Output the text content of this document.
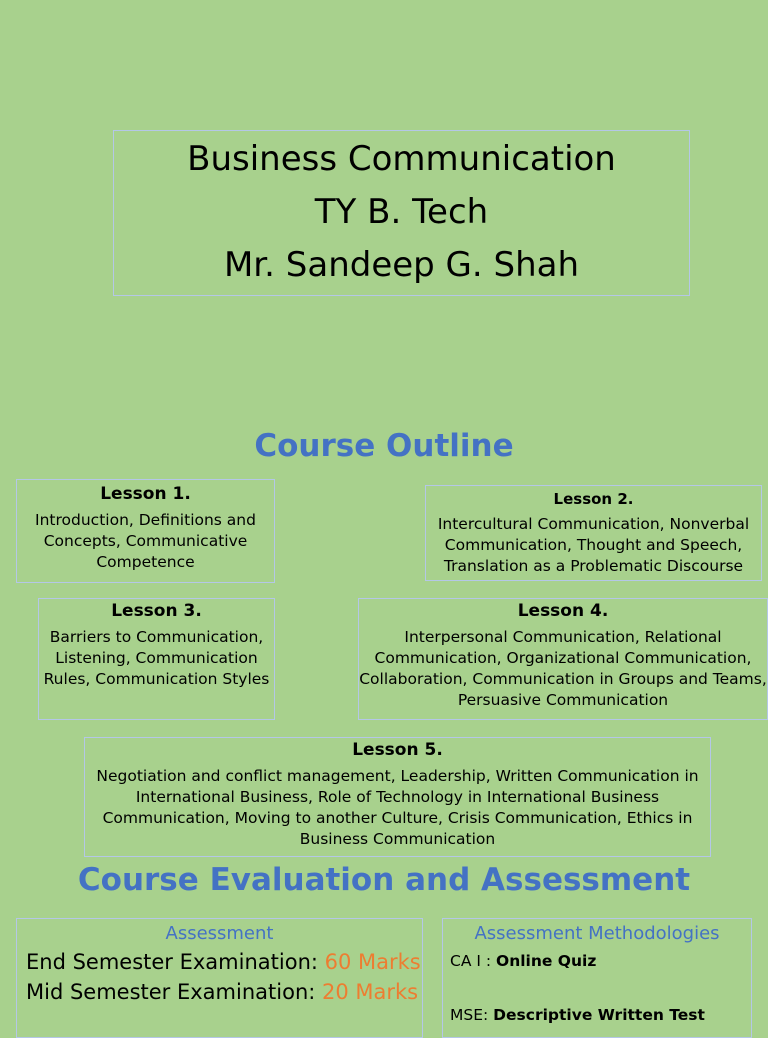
Business Communication
TY B. Tech
Mr. Sandeep G. Shah
Course Outline
Lesson 1.
Introduction, Definitions and Concepts, Communicative Competence
Lesson 2.
Intercultural Communication, Nonverbal Communication, Thought and Speech, Translation as a Problematic Discourse
Lesson 3.
Barriers to Communication, Listening, Communication Rules, Communication Styles
Lesson 4.
Interpersonal Communication, Relational Communication, Organizational Communication, Collaboration, Communication in Groups and Teams, Persuasive Communication
Lesson 5.
Negotiation and conflict management, Leadership, Written Communication in International Business, Role of Technology in International Business Communication, Moving to another Culture, Crisis Communication, Ethics in Business Communication
Course Evaluation and Assessment
Assessment
End Semester Examination: 60 Marks
Mid Semester Examination: 20 Marks
Assessment Methodologies
CA I : Online Quiz
MSE: Descriptive Written Test
